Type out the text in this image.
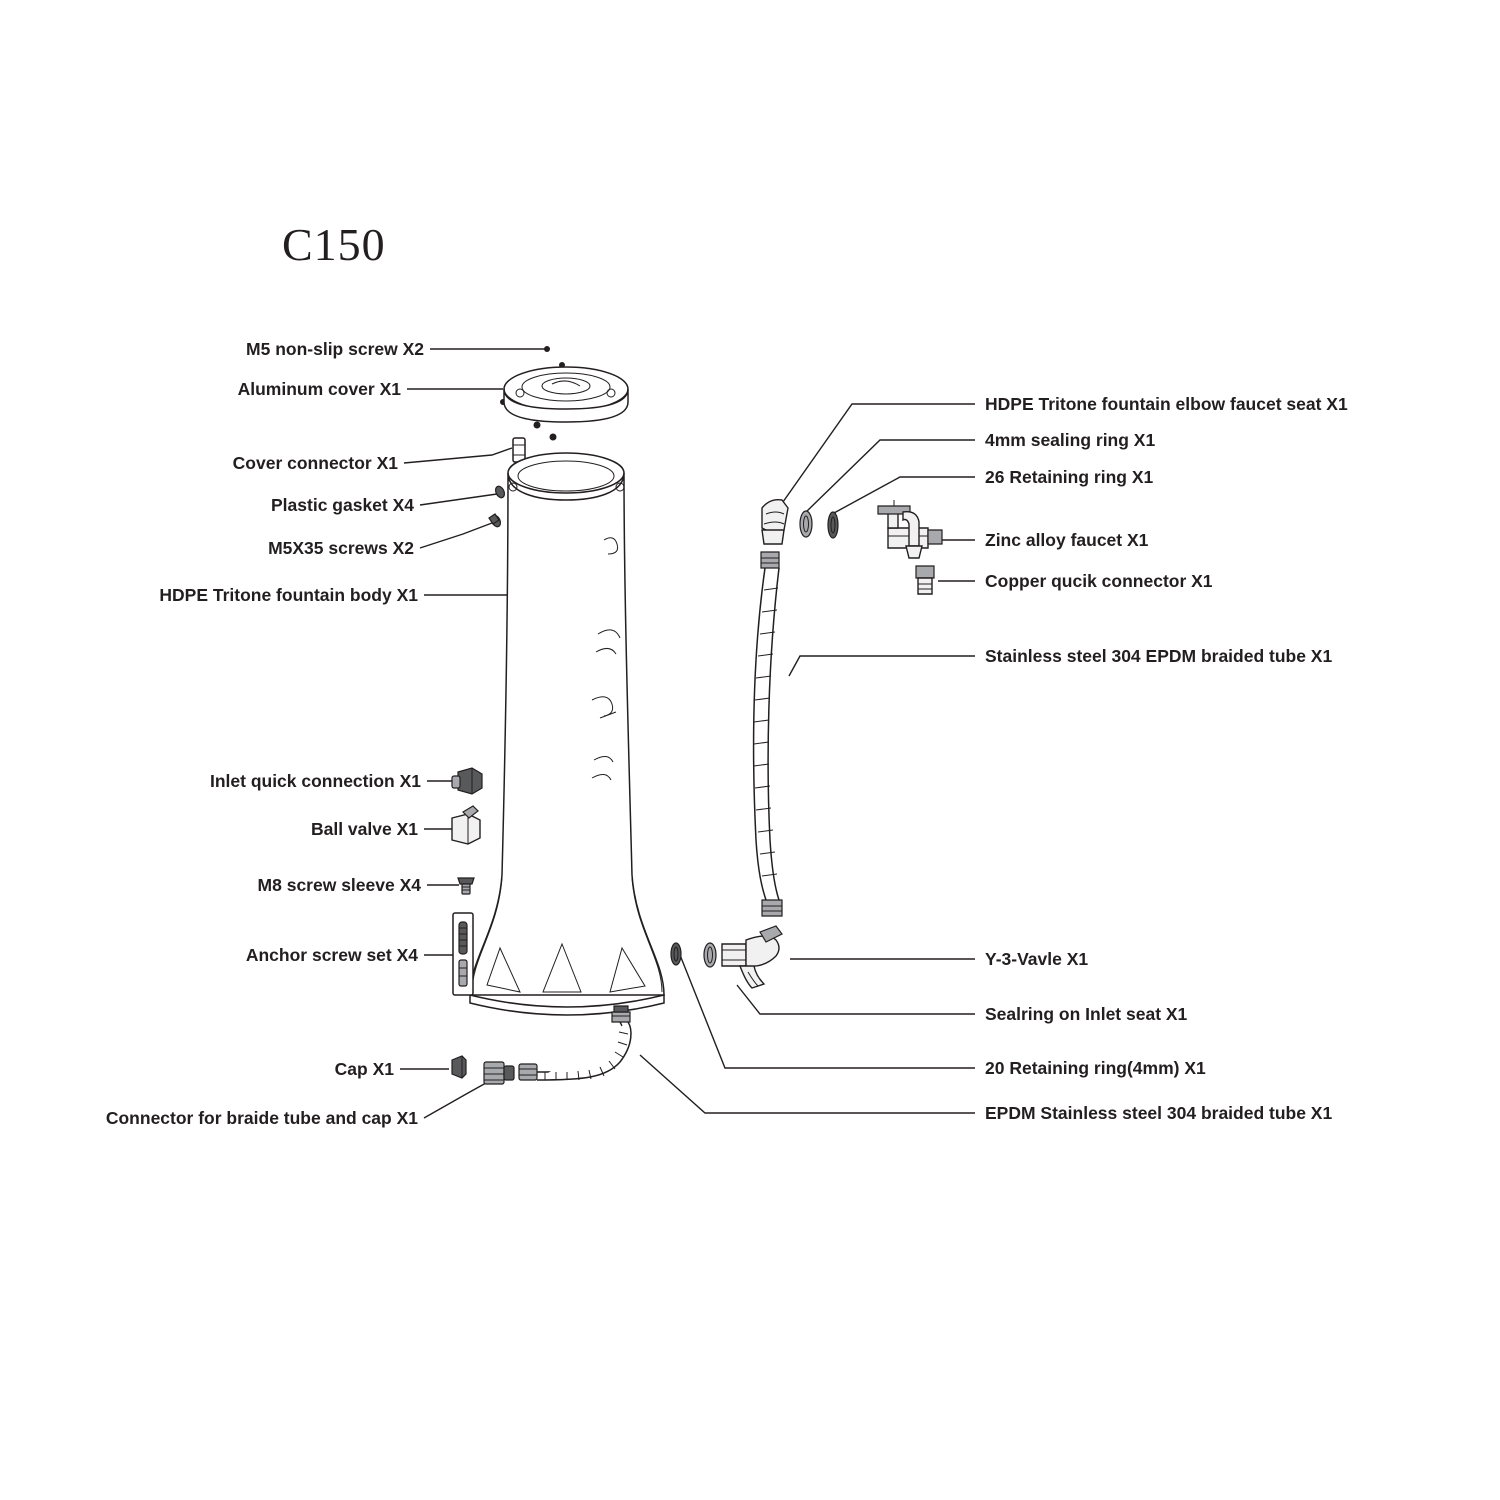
C150
M5 non-slip screw X2
Aluminum cover X1
Cover connector X1
Plastic gasket X4
M5X35 screws X2
HDPE Tritone fountain body X1
Inlet quick connection X1
Ball valve X1
M8 screw sleeve X4
Anchor screw set X4
Cap X1
Connector for braide tube and cap X1
HDPE Tritone fountain elbow faucet seat X1
4mm sealing ring X1
26 Retaining ring X1
Zinc alloy faucet X1
Copper qucik connector X1
Stainless steel 304 EPDM braided tube X1
Y-3-Vavle X1
Sealring on Inlet seat X1
20 Retaining ring(4mm) X1
EPDM Stainless steel 304 braided tube X1
